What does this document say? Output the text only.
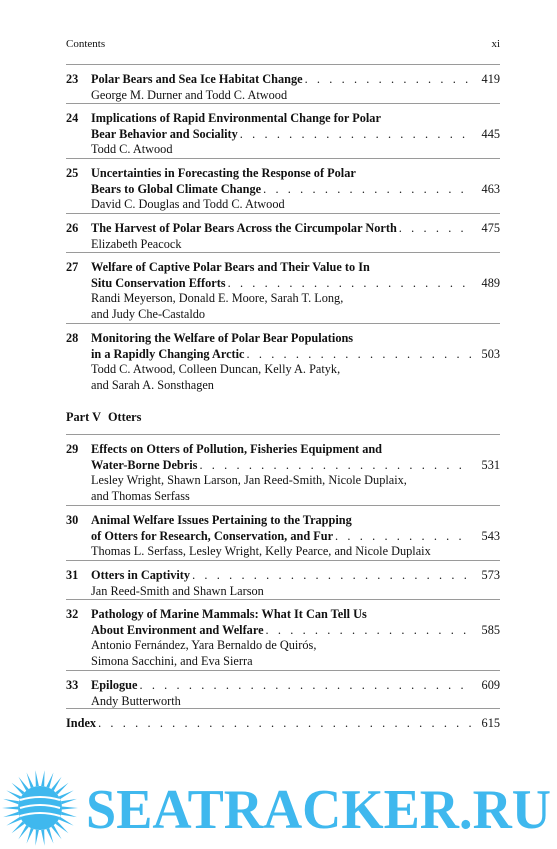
Contents	xi
23	Polar Bears and Sea Ice Habitat Change . . .	419
George M. Durner and Todd C. Atwood
24	Implications of Rapid Environmental Change for Polar
Bear Behavior and Sociality . . .	445
Todd C. Atwood
25	Uncertainties in Forecasting the Response of Polar
Bears to Global Climate Change . . .	463
David C. Douglas and Todd C. Atwood
26	The Harvest of Polar Bears Across the Circumpolar North . . .	475
Elizabeth Peacock
27	Welfare of Captive Polar Bears and Their Value to In
Situ Conservation Efforts . . .	489
Randi Meyerson, Donald E. Moore, Sarah T. Long,
and Judy Che-Castaldo
28	Monitoring the Welfare of Polar Bear Populations
in a Rapidly Changing Arctic . . .	503
Todd C. Atwood, Colleen Duncan, Kelly A. Patyk,
and Sarah A. Sonsthagen
29	Effects on Otters of Pollution, Fisheries Equipment and
Water-Borne Debris . . .	531
Lesley Wright, Shawn Larson, Jan Reed-Smith, Nicole Duplaix,
and Thomas Serfass
30	Animal Welfare Issues Pertaining to the Trapping
of Otters for Research, Conservation, and Fur . . .	543
Thomas L. Serfass, Lesley Wright, Kelly Pearce, and Nicole Duplaix
31	Otters in Captivity . . .	573
Jan Reed-Smith and Shawn Larson
32	Pathology of Marine Mammals: What It Can Tell Us
About Environment and Welfare . . .	585
Antonio Fernández, Yara Bernaldo de Quirós,
Simona Sacchini, and Eva Sierra
33	Epilogue . . .	609
Andy Butterworth
Part V Otters
Index . . .	615
SEATRACKER.RU
